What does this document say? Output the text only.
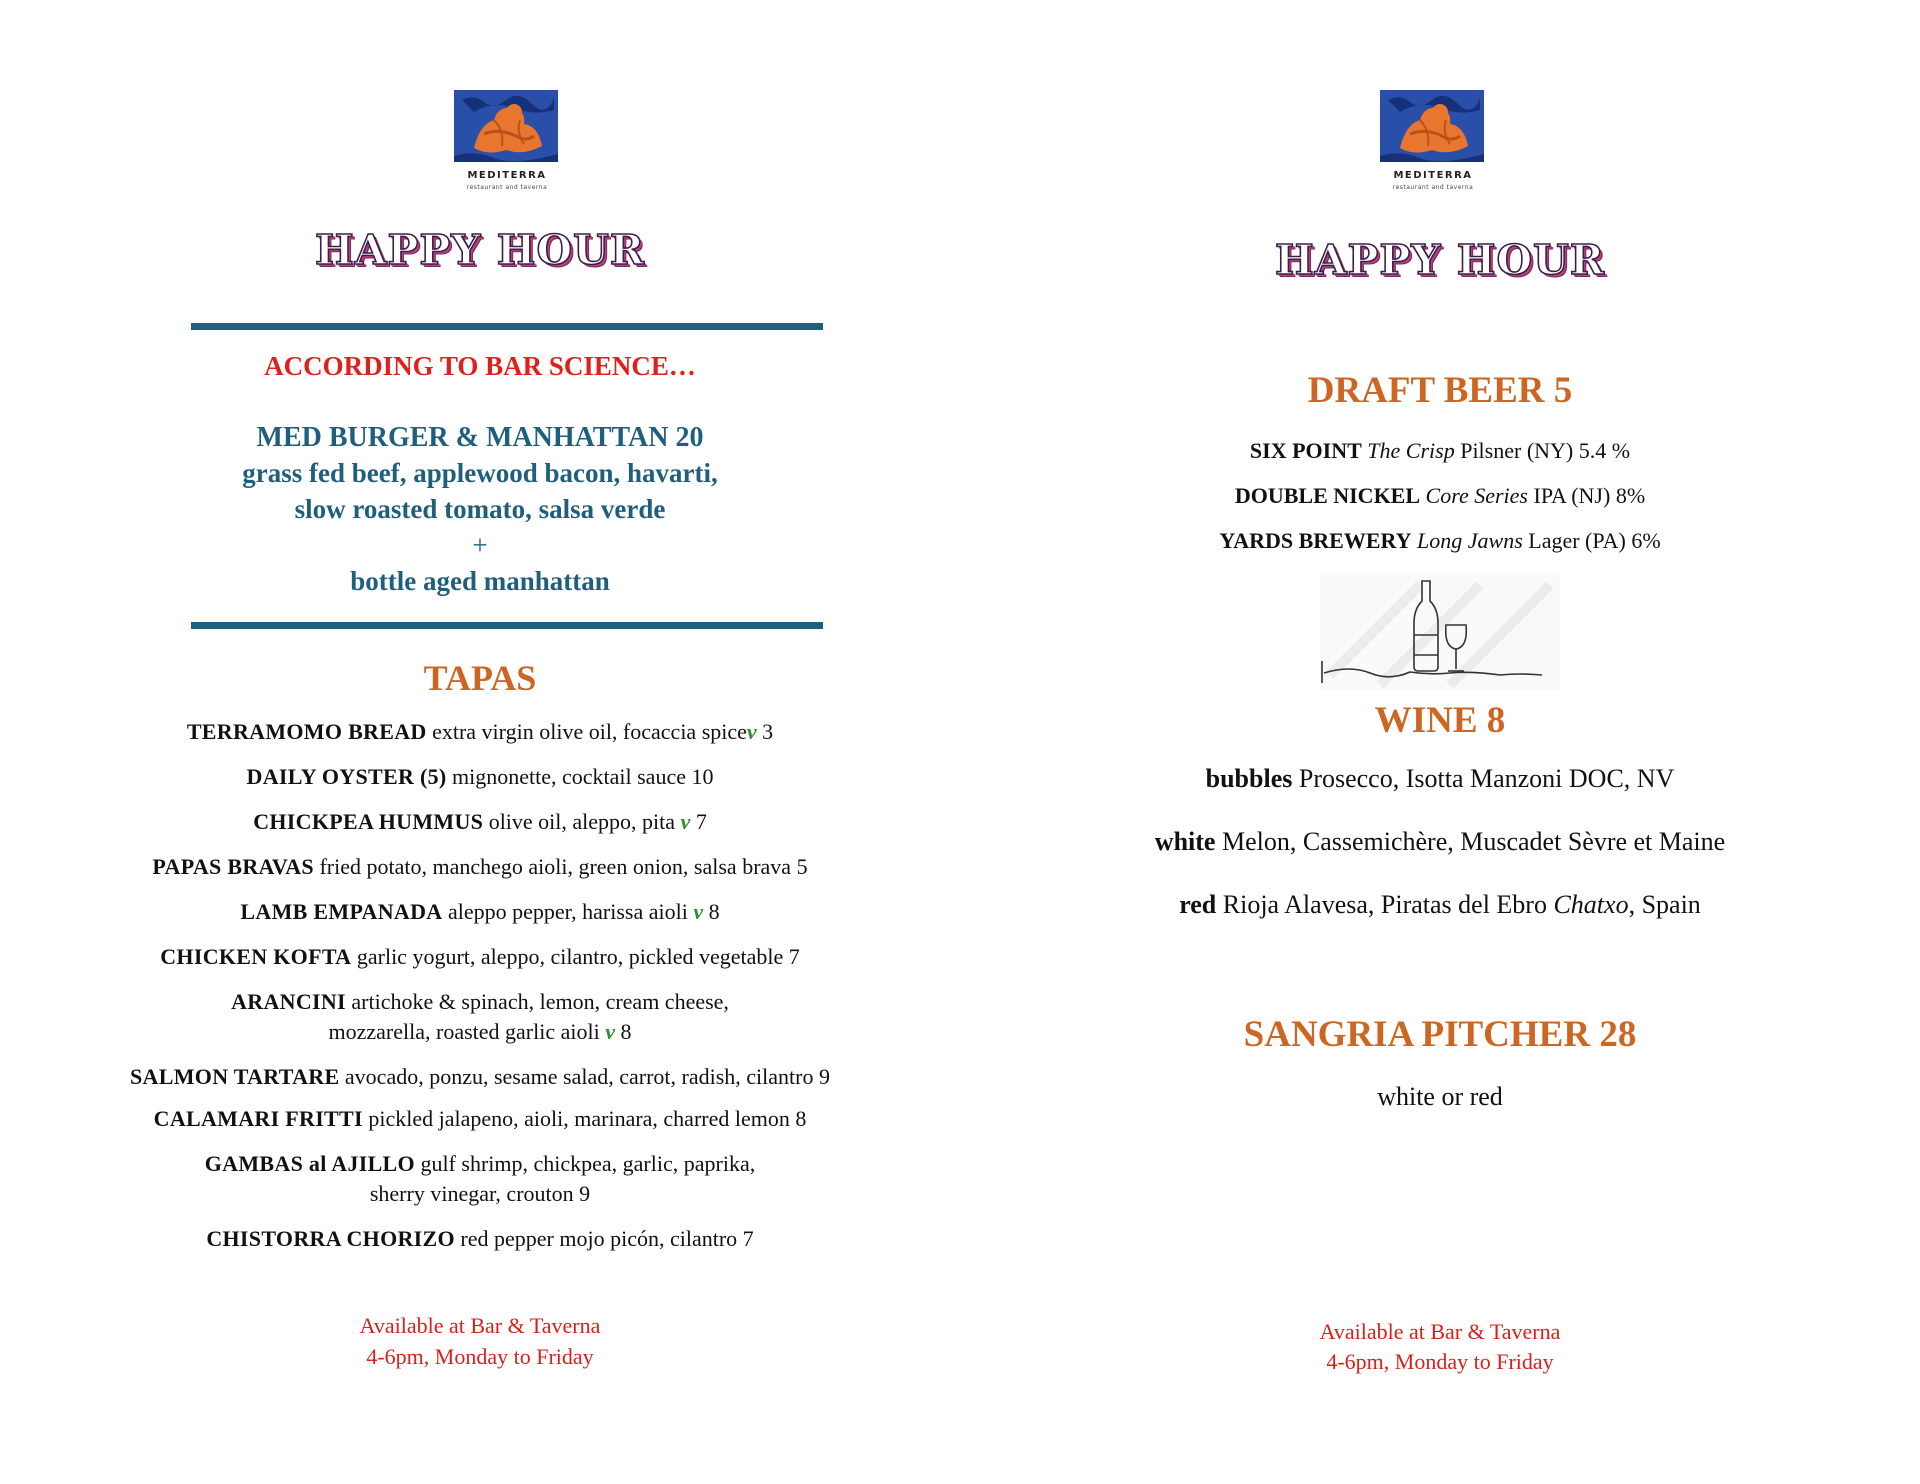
MEDITERRA
restaurant and taverna
HAPPY HOUR
ACCORDING TO BAR SCIENCE…
MED BURGER & MANHATTAN 20
grass fed beef, applewood bacon, havarti,
slow roasted tomato, salsa verde
+
bottle aged manhattan
TAPAS
TERRAMOMO BREAD extra virgin olive oil, focaccia spicev 3
DAILY OYSTER (5) mignonette, cocktail sauce 10
CHICKPEA HUMMUS olive oil, aleppo, pita v 7
PAPAS BRAVAS fried potato, manchego aioli, green onion, salsa brava 5
LAMB EMPANADA aleppo pepper, harissa aioli v 8
CHICKEN KOFTA garlic yogurt, aleppo, cilantro, pickled vegetable 7
ARANCINI artichoke & spinach, lemon, cream cheese,
mozzarella, roasted garlic aioli v 8
SALMON TARTARE avocado, ponzu, sesame salad, carrot, radish, cilantro 9
CALAMARI FRITTI pickled jalapeno, aioli, marinara, charred lemon 8
GAMBAS al AJILLO gulf shrimp, chickpea, garlic, paprika,
sherry vinegar, crouton 9
CHISTORRA CHORIZO red pepper mojo picón, cilantro 7
Available at Bar & Taverna
4-6pm, Monday to Friday
MEDITERRA
restaurant and taverna
HAPPY HOUR
DRAFT BEER 5
SIX POINT The Crisp Pilsner (NY) 5.4 %
DOUBLE NICKEL Core Series IPA (NJ) 8%
YARDS BREWERY Long Jawns Lager (PA) 6%
WINE 8
bubbles Prosecco, Isotta Manzoni DOC, NV
white Melon, Cassemichère, Muscadet Sèvre et Maine
red Rioja Alavesa, Piratas del Ebro Chatxo, Spain
SANGRIA PITCHER 28
white or red
Available at Bar & Taverna
4-6pm, Monday to Friday
